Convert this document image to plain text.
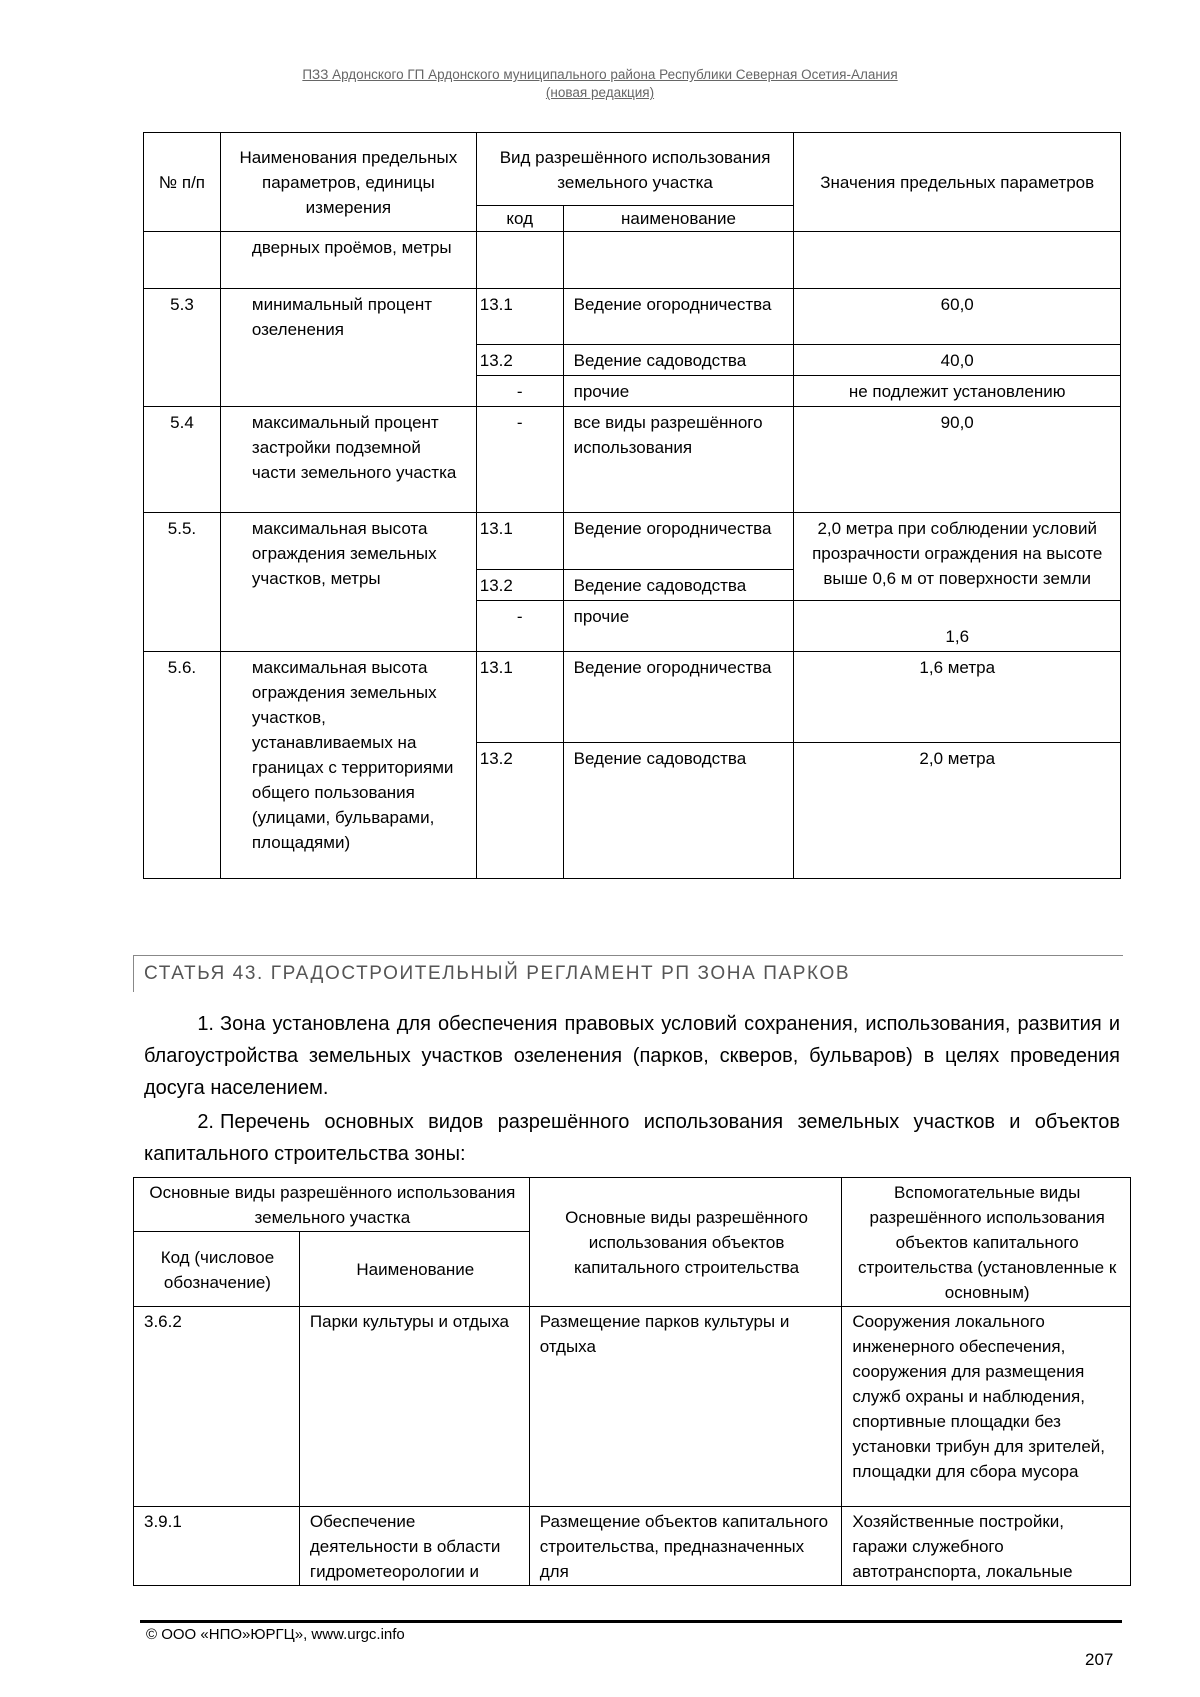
ПЗЗ Ардонского ГП Ардонского муниципального района Республики Северная Осетия-Алания
(новая редакция)
№ п/п	Наименования предельных параметров, единицы измерения	Вид разрешённого использования земельного участка		Значения предельных параметров
		код	наименование	
	дверных проёмов, метры			
5.3	минимальный процент озеленения	13.1	Ведение огородничества	60,0
		13.2	Ведение садоводства	40,0
		-	прочие	не подлежит установлению
5.4	максимальный процент застройки подземной части земельного участка	-	все виды разрешённого использования	90,0
5.5.	максимальная высота ограждения земельных участков, метры	13.1	Ведение огородничества	2,0 метра при соблюдении условий прозрачности ограждения на высоте выше 0,6 м от поверхности земли
		13.2	Ведение садоводства	
		-	прочие	1,6
5.6.	максимальная высота ограждения земельных участков, устанавливаемых на границах с территориями общего пользования (улицами, бульварами, площадями)	13.1	Ведение огородничества	1,6 метра
		13.2	Ведение садоводства	2,0 метра
СТАТЬЯ 43. ГРАДОСТРОИТЕЛЬНЫЙ РЕГЛАМЕНТ РП ЗОНА ПАРКОВ
1. Зона установлена для обеспечения правовых условий сохранения, использования, развития и благоустройства земельных участков озеленения (парков, скверов, бульваров) в целях проведения досуга населением.
2. Перечень основных видов разрешённого использования земельных участков и объектов капитального строительства зоны:
Основные виды разрешённого использования земельного участка		Основные виды разрешённого использования объектов капитального строительства	Вспомогательные виды разрешённого использования объектов капитального строительства (установленные к основным)
Код (числовое обозначение)	Наименование		
3.6.2	Парки культуры и отдыха	Размещение парков культуры и отдыха	Сооружения локального инженерного обеспечения, сооружения для размещения служб охраны и наблюдения, спортивные площадки без установки трибун для зрителей, площадки для сбора мусора
3.9.1	Обеспечение деятельности в области гидрометеорологии и	Размещение объектов капитального строительства, предназначенных для	Хозяйственные постройки, гаражи служебного автотранспорта, локальные
© ООО «НПО»ЮРГЦ», www.urgc.info
207
